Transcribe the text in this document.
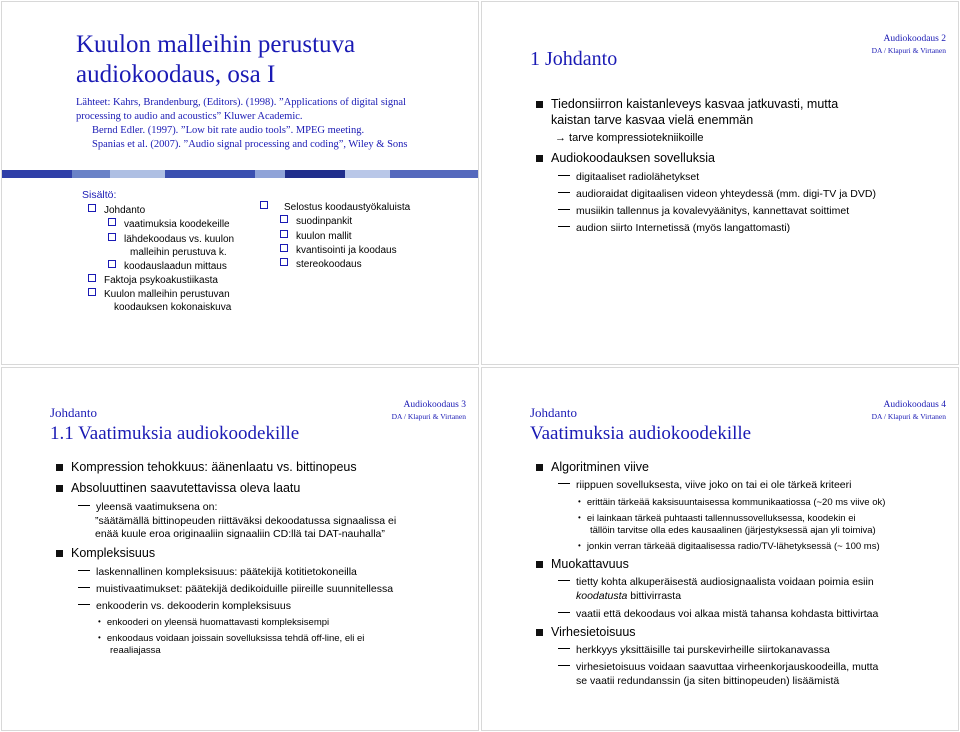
Kuulon malleihin perustuva
audiokoodaus, osa I
Lähteet: Kahrs, Brandenburg, (Editors). (1998). ”Applications of digital signal
processing to audio and acoustics” Kluwer Academic.
Bernd Edler. (1997). ”Low bit rate audio tools”. MPEG meeting.
Spanias et al. (2007). ”Audio signal processing and coding”, Wiley & Sons
Sisältö:
Johdanto
vaatimuksia koodekeille
lähdekoodaus vs. kuulon
malleihin perustuva k.
koodauslaadun mittaus
Faktoja psykoakustiikasta
Kuulon malleihin perustuvan
koodauksen kokonaiskuva
Selostus koodaustyökaluista
suodinpankit
kuulon mallit
kvantisointi ja koodaus
stereokoodaus
1 Johdanto
Audiokoodaus 2
DA / Klapuri & Virtanen
Tiedonsiirron kaistanleveys kasvaa jatkuvasti, mutta
kaistan tarve kasvaa vielä enemmän
→ tarve kompressiotekniikoille
Audiokoodauksen sovelluksia
digitaaliset radiolähetykset
audioraidat digitaalisen videon yhteydessä (mm. digi-TV ja DVD)
musiikin tallennus ja kovalevyäänitys, kannettavat soittimet
audion siirto Internetissä (myös langattomasti)
Johdanto
1.1 Vaatimuksia audiokoodekille
Audiokoodaus 3
DA / Klapuri & Virtanen
Kompression tehokkuus: äänenlaatu vs. bittinopeus
Absoluuttinen saavutettavissa oleva laatu
yleensä vaatimuksena on:
”säätämällä bittinopeuden riittäväksi dekoodatussa signaalissa ei
enää kuule eroa originaaliin signaaliin CD:llä tai DAT-nauhalla”
Kompleksisuus
laskennallinen kompleksisuus: päätekijä kotitietokoneilla
muistivaatimukset: päätekijä dedikoiduille piireille suunnitellessa
enkooderin vs. dekooderin kompleksisuus
• enkooderi on yleensä huomattavasti kompleksisempi
• enkoodaus voidaan joissain sovelluksissa tehdä off-line, eli ei
reaaliajassa
Johdanto
Vaatimuksia audiokoodekille
Audiokoodaus 4
DA / Klapuri & Virtanen
Algoritminen viive
riippuen sovelluksesta, viive joko on tai ei ole tärkeä kriteeri
• erittäin tärkeää kaksisuuntaisessa kommunikaatiossa (~20 ms viive ok)
• ei lainkaan tärkeä puhtaasti tallennussovelluksessa, koodekin ei
tällöin tarvitse olla edes kausaalinen (järjestyksessä ajan yli toimiva)
• jonkin verran tärkeää digitaalisessa radio/TV-lähetyksessä (~ 100 ms)
Muokattavuus
tietty kohta alkuperäisestä audiosignaalista voidaan poimia esiin
koodatusta bittivirrasta
vaatii että dekoodaus voi alkaa mistä tahansa kohdasta bittivirtaa
Virhesietoisuus
herkkyys yksittäisille tai purskevirheille siirtokanavassa
virhesietoisuus voidaan saavuttaa virheenkorjauskoodeilla, mutta
se vaatii redundanssin (ja siten bittinopeuden) lisäämistä
